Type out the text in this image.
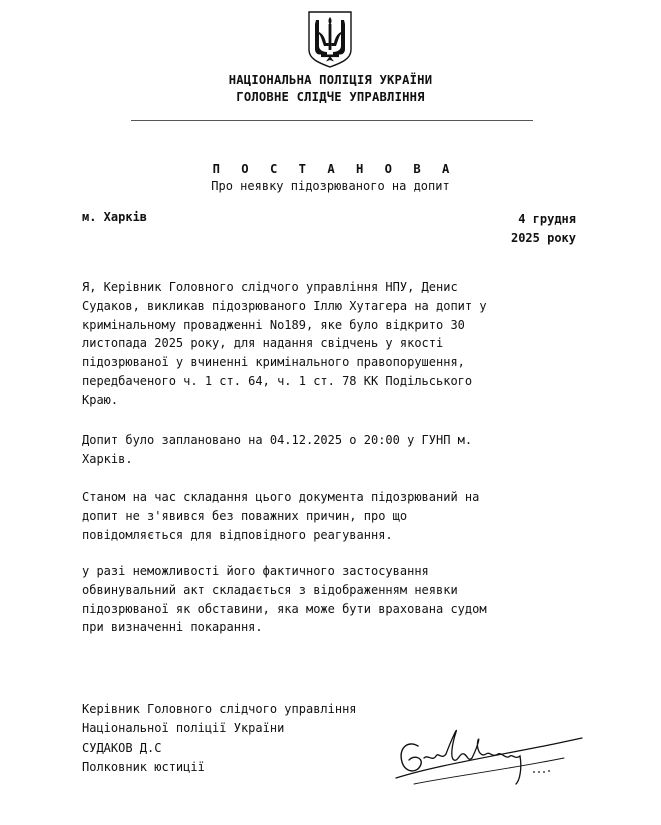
НАЦІОНАЛЬНА ПОЛІЦІЯ УКРАЇНИ
ГОЛОВНЕ СЛІДЧЕ УПРАВЛІННЯ
П О С Т А Н О В А
Про неявку підозрюваного на допит
м. Харків	4 грудня
2025 року
Я, Керівник Головного слідчого управління НПУ, Денис
Судаков, викликав підозрюваного Іллю Хутагера на допит у
кримінальному провадженні No189, яке було відкрито 30
листопада 2025 року, для надання свідчень у якості
підозрюваної у вчиненні кримінального правопорушення,
передбаченого ч. 1 ст. 64, ч. 1 ст. 78 КК Подільського
Краю.
Допит було заплановано на 04.12.2025 о 20:00 у ГУНП м.
Харків.
Станом на час складання цього документа підозрюваний на
допит не з'явився без поважних причин, про що
повідомляється для відповідного реагування.
у разі неможливості його фактичного застосування
обвинувальний акт складається з відображенням неявки
підозрюваної як обставини, яка може бути врахована судом
при визначенні покарання.
Керівник Головного слідчого управління
Національної поліції України
СУДАКОВ Д.С
Полковник юстиції
